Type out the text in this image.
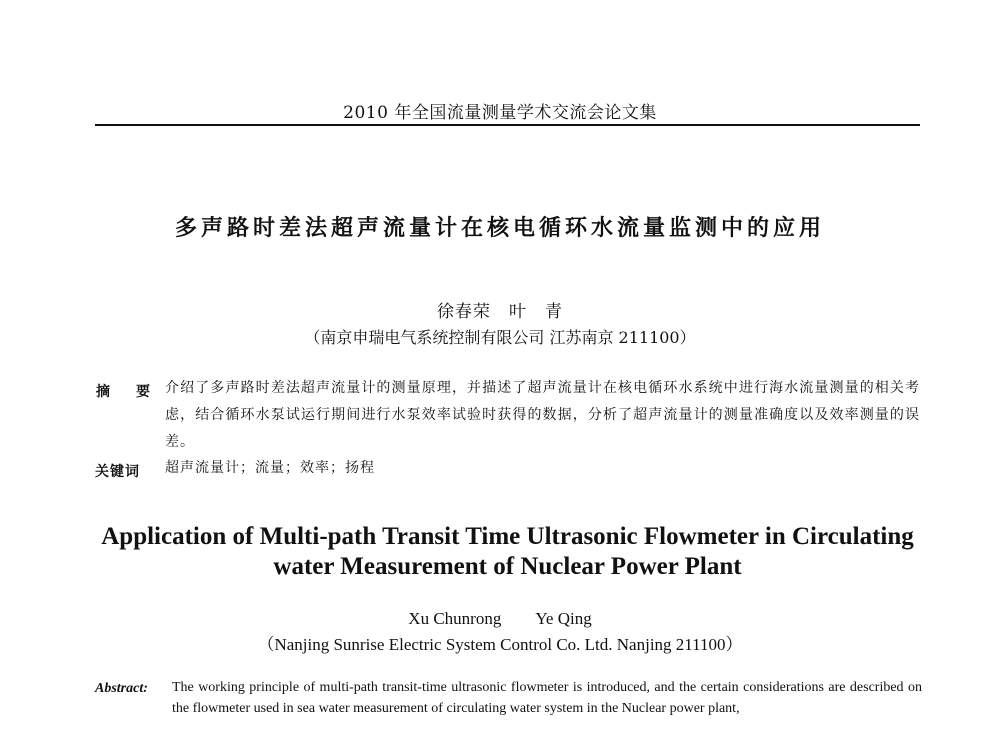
2010 年全国流量测量学术交流会论文集
多声路时差法超声流量计在核电循环水流量监测中的应用
徐春荣　叶　青
（南京申瑞电气系统控制有限公司 江苏南京 211100）
摘　要 介绍了多声路时差法超声流量计的测量原理，并描述了超声流量计在核电循环水系统中进行海水流量测量的相关考虑，结合循环水泵试运行期间进行水泵效率试验时获得的数据，分析了超声流量计的测量准确度以及效率测量的误差。
关键词 超声流量计；流量；效率；扬程
Application of Multi-path Transit Time Ultrasonic Flowmeter in Circulating water Measurement of Nuclear Power Plant
Xu Chunrong　　Ye Qing
（Nanjing Sunrise Electric System Control Co. Ltd. Nanjing 211100）
Abstract: The working principle of multi-path transit-time ultrasonic flowmeter is introduced, and the certain considerations are described on the flowmeter used in sea water measurement of circulating water system in the Nuclear power plant,
